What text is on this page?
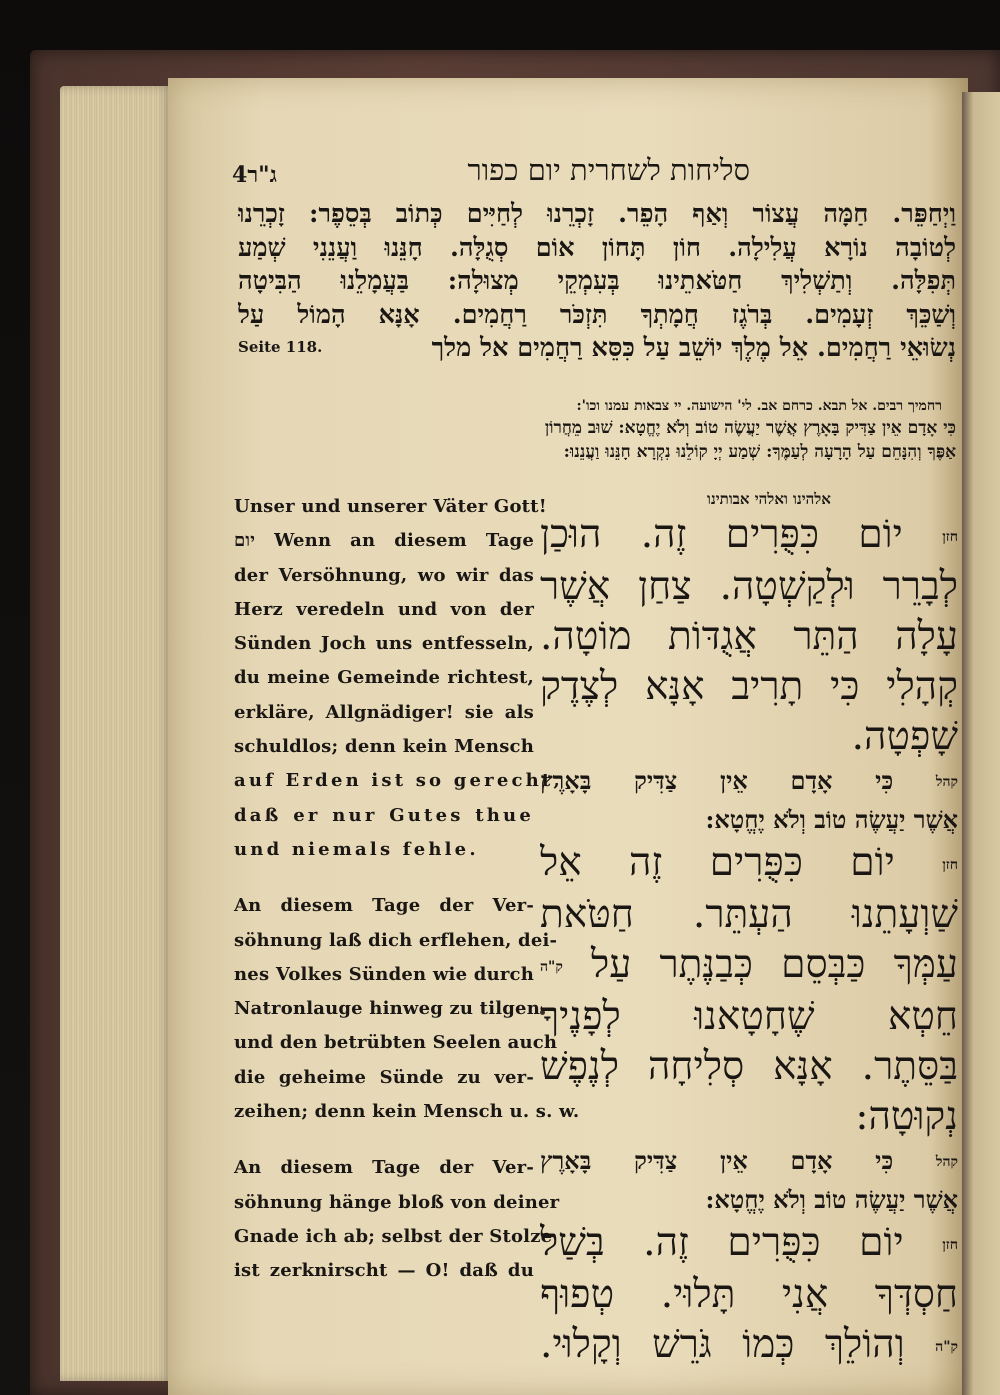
4ג"ר	סליחות לשחרית יום כפור
וַיְחַפֵּר. חַמָּה עֲצוֹר וְאַף הָפֵר. זָכְרֵנוּ לְחַיִּים כְּתוֹב בְּסֵפֶר: זָכְרֵנוּ
לְטוֹבָה נוֹרָא עֲלִילָה. חוֹן תָּחוֹן אוֹם סְגֻלָּה. חָנֵּנוּ וַעֲנֵנִי שְׁמַע
תְּפִלָּה. וְתַשְׁלִיךְ חַטֹּאתֵינוּ בְּעִמְקֵי מְצוּלָה: בַּעֲמָלֵנוּ הַבִּיטָה
וְשַׁכֵּךְ זְעָמִים. בְּרֹגֶז חֲמָתְךָ תִּזְכֹּר רַחֲמִים. אָנָּא הָמוֹל עַל
Seite 118.	נְשׂוּאֵי רַחֲמִים. אֵל מֶלֶךְ יוֹשֵׁב עַל כִּסֵּא רַחֲמִים אל מלך
רחמיך רבים. אל תבא. כרחם אב. לי' הישועה. יי צבאות עמנו וכו':
כִּי אָדָם אֵין צַדִּיק בָּאָרֶץ אֲשֶׁר יַעֲשֶׂה טוֹב וְלֹא יֶחֱטָא: שׁוּב מֵחֲרוֹן
אַפֶּךָ וְהִנָּחֵם עַל הָרָעָה לְעַמֶּךָ: שְׁמַע יְיָ קוֹלֵנוּ נִקְרָא חָנֵּנוּ וַעֲנֵנוּ:

Unser und unserer Väter Gott!
יום Wenn an diesem Tage
der Versöhnung, wo wir das
Herz veredeln und von der
Sünden Joch uns entfesseln,
du meine Gemeinde richtest,
erkläre, Allgnädiger! sie als
schuldlos; denn kein Mensch
auf Erden ist so gerecht,
daß er nur Gutes thue
und niemals fehle.

An diesem Tage der Ver-
söhnung laß dich erflehen, dei-
nes Volkes Sünden wie durch
Natronlauge hinweg zu tilgen
und den betrübten Seelen auch
die geheime Sünde zu ver-
zeihen; denn kein Mensch u. s. w.

An diesem Tage der Ver-
söhnung hänge bloß von deiner
Gnade ich ab; selbst der Stolze
ist zerknirscht — O! daß du

אלהינו ואלהי אבותינו
חזן יוֹם כִּפֻּרִים זֶה. הוּכַן
לְבָרֵר וּלְקַשְׁטָה. צַחַן אֲשֶׁר
עָלָה הַתֵּר אֲגֻדּוֹת מוֹטָה.
קְהָלִי כִּי תָרִיב אָנָּא לְצֶדֶק
שָׁפְטָה.
קהל כִּי אָדָם אֵין צַדִּיק בָּאָרֶץ
אֲשֶׁר יַעֲשֶׂה טוֹב וְלֹא יֶחֱטָא:
חזן יוֹם כִּפֻּרִים זֶה אֵל
שַׁוְעָתֵנוּ הַעְתֵּר. חַטֹּאת
עַמְּךָ כַּבְּסֵם כְּבַנֶּתֶר עַל ק"ה
חֵטְא שֶׁחָטָאנוּ לְפָנֶיךָ
בַּסֵּתֶר. אָנָּא סְלִיחָה לְנֶפֶשׁ
נְקוּטָה:
קהל כִּי אָדָם אֵין צַדִּיק בָּאָרֶץ
אֲשֶׁר יַעֲשֶׂה טוֹב וְלֹא יֶחֱטָא:
חזן יוֹם כִּפֻּרִים זֶה. בְּשַׁל
חַסְדְּךָ אֲנִי תָּלוּי. טְפוּף
ק"ה וְהוֹלֵךְ כְּמוֹ גֹּרֵשׁ וְקָלוּי.
